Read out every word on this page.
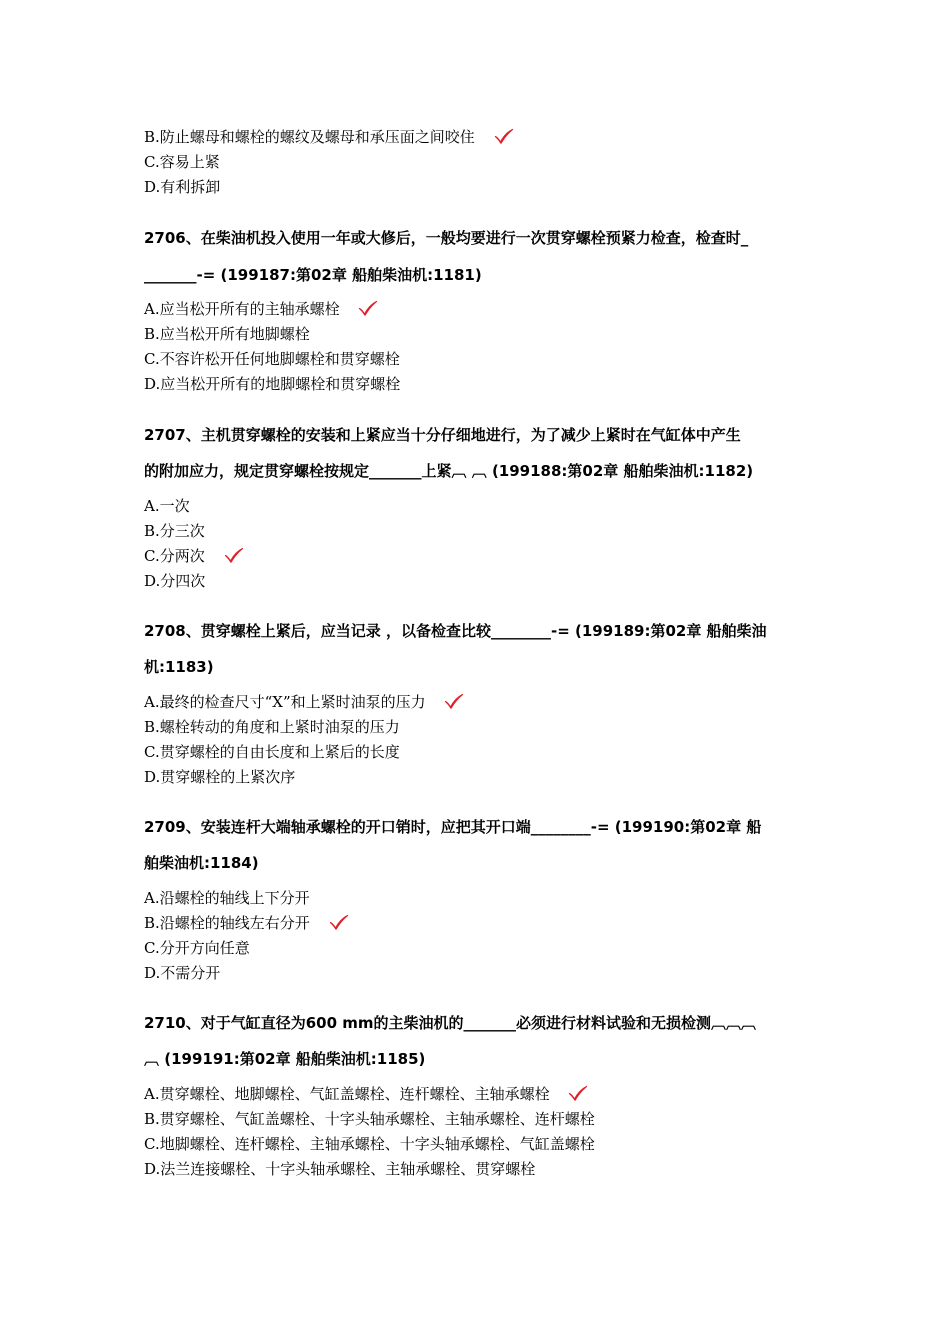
B.防止螺母和螺栓的螺纹及螺母和承压面之间咬住
C.容易上紧
D.有利拆卸
2706、在柴油机投入使用一年或大修后，一般均要进行一次贯穿螺栓预紧力检查，检查时_
_______-= (199187:第02章 船舶柴油机:1181)
A.应当松开所有的主轴承螺栓
B.应当松开所有地脚螺栓
C.不容许松开任何地脚螺栓和贯穿螺栓
D.应当松开所有的地脚螺栓和贯穿螺栓
2707、主机贯穿螺栓的安装和上紧应当十分仔细地进行，为了减少上紧时在气缸体中产生
的附加应力，规定贯穿螺栓按规定_______上紧︹ ︹ (199188:第02章 船舶柴油机:1182)
A.一次
B.分三次
C.分两次
D.分四次
2708、贯穿螺栓上紧后，应当记录 ，以备检查比较________-= (199189:第02章 船舶柴油
机:1183)
A.最终的检查尺寸“X”和上紧时油泵的压力
B.螺栓转动的角度和上紧时油泵的压力
C.贯穿螺栓的自由长度和上紧后的长度
D.贯穿螺栓的上紧次序
2709、安装连杆大端轴承螺栓的开口销时，应把其开口端________-= (199190:第02章 船
舶柴油机:1184)
A.沿螺栓的轴线上下分开
B.沿螺栓的轴线左右分开
C.分开方向任意
D.不需分开
2710、对于气缸直径为600 mm的主柴油机的_______必须进行材料试验和无损检测︹︹︹
︹ (199191:第02章 船舶柴油机:1185)
A.贯穿螺栓、地脚螺栓、气缸盖螺栓、连杆螺栓、主轴承螺栓
B.贯穿螺栓、气缸盖螺栓、十字头轴承螺栓、主轴承螺栓、连杆螺栓
C.地脚螺栓、连杆螺栓、主轴承螺栓、十字头轴承螺栓、气缸盖螺栓
D.法兰连接螺栓、十字头轴承螺栓、主轴承螺栓、贯穿螺栓
